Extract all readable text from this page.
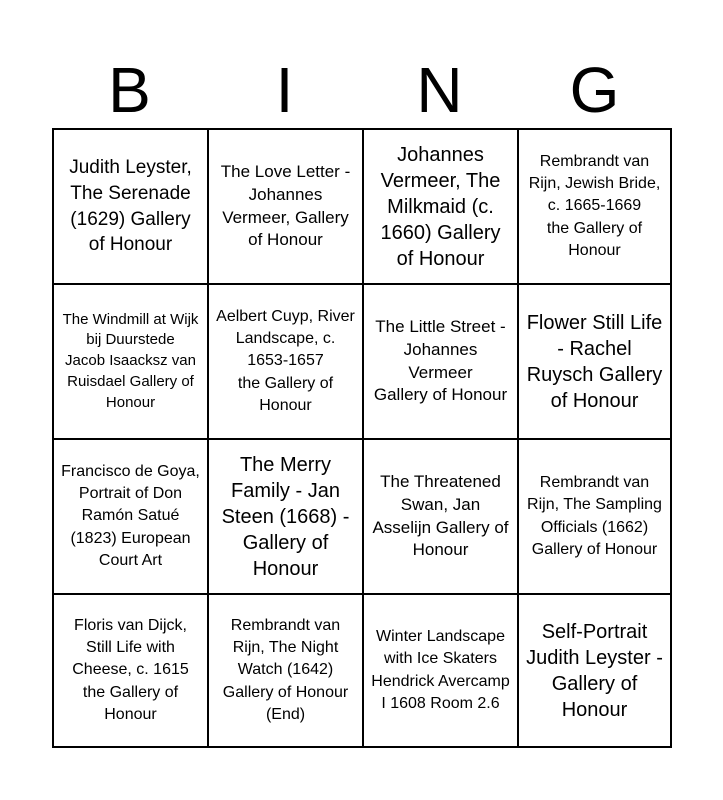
B	I	N	G
Judith Leyster, The Serenade (1629) Gallery of Honour
The Love Letter - Johannes Vermeer, Gallery of Honour
Johannes Vermeer, The Milkmaid (c. 1660) Gallery of Honour
Rembrandt van Rijn, Jewish Bride, c. 1665-1669
the Gallery of Honour
The Windmill at Wijk bij Duurstede
Jacob Isaacksz van Ruisdael Gallery of Honour
Aelbert Cuyp, River Landscape, c. 1653-1657
the Gallery of Honour
The Little Street - Johannes Vermeer
Gallery of Honour
Flower Still Life - Rachel Ruysch Gallery of Honour
Francisco de Goya, Portrait of Don Ramón Satué (1823) European Court Art
The Merry Family - Jan Steen (1668) - Gallery of Honour
The Threatened Swan, Jan Asselijn Gallery of Honour
Rembrandt van Rijn, The Sampling Officials (1662) Gallery of Honour
Floris van Dijck, Still Life with Cheese, c. 1615
the Gallery of Honour
Rembrandt van Rijn, The Night Watch (1642) Gallery of Honour (End)
Winter Landscape with Ice Skaters Hendrick Avercamp I 1608 Room 2.6
Self-Portrait Judith Leyster - Gallery of Honour
